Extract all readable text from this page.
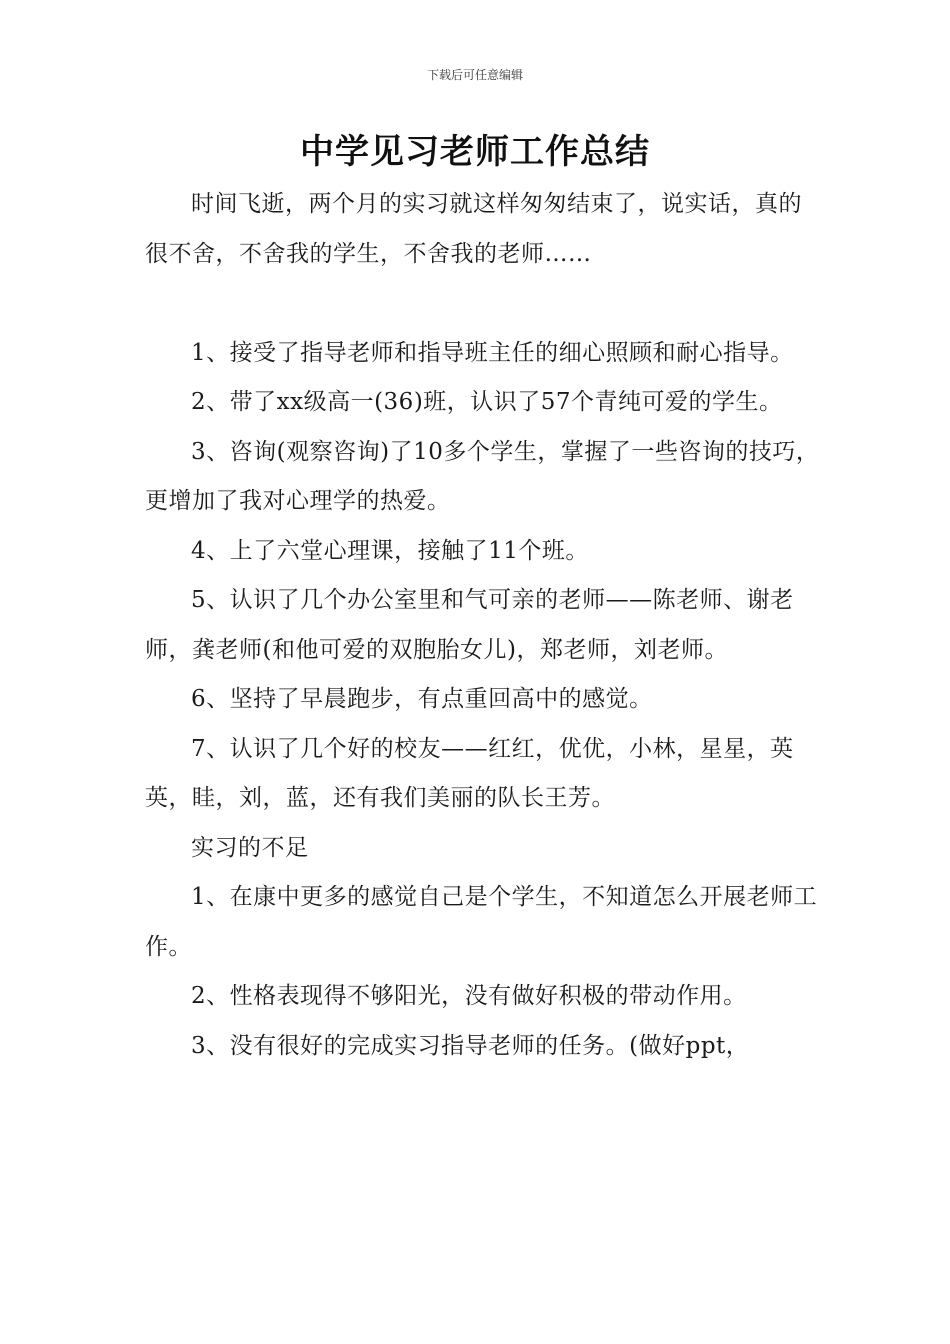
下载后可任意编辑
中学见习老师工作总结

时间飞逝，两个月的实习就这样匆匆结束了，说实话，真的很不舍，不舍我的学生，不舍我的老师……

1、接受了指导老师和指导班主任的细心照顾和耐心指导。

2、带了xx级高一(36)班，认识了57个青纯可爱的学生。

3、咨询(观察咨询)了10多个学生，掌握了一些咨询的技巧，更增加了我对心理学的热爱。

4、上了六堂心理课，接触了11个班。

5、认识了几个办公室里和气可亲的老师——陈老师、谢老师，龚老师(和他可爱的双胞胎女儿)，郑老师，刘老师。

6、坚持了早晨跑步，有点重回高中的感觉。

7、认识了几个好的校友——红红，优优，小林，星星，英英，眭，刘，蓝，还有我们美丽的队长王芳。

实习的不足

1、在康中更多的感觉自己是个学生，不知道怎么开展老师工作。

2、性格表现得不够阳光，没有做好积极的带动作用。

3、没有很好的完成实习指导老师的任务。(做好ppt，
